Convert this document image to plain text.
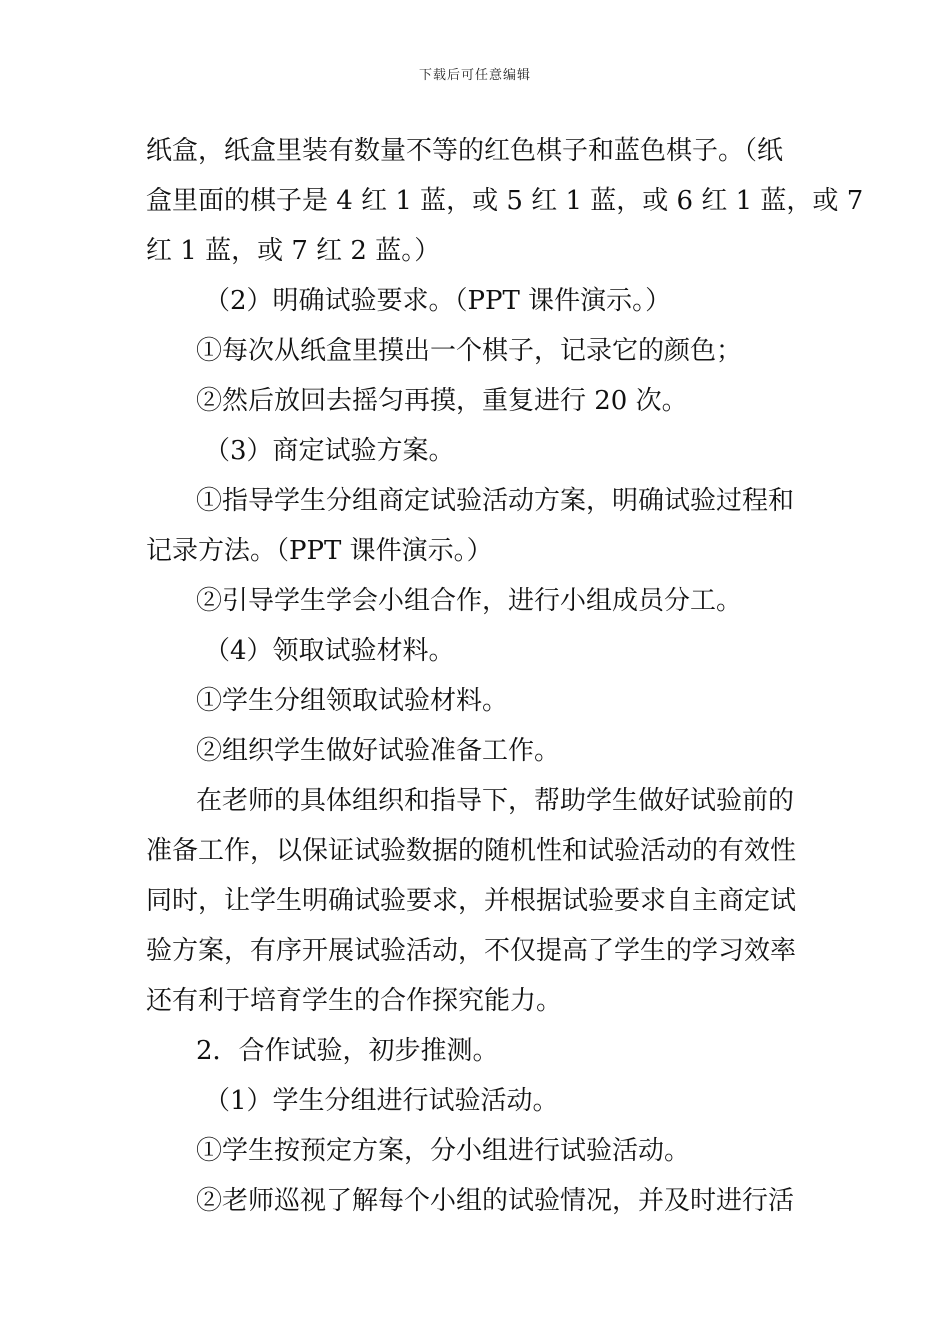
下载后可任意编辑
纸盒，纸盒里装有数量不等的红色棋子和蓝色棋子。（纸
盒里面的棋子是 4 红 1 蓝，或 5 红 1 蓝，或 6 红 1 蓝，或 7
红 1 蓝，或 7 红 2 蓝。）
（2）明确试验要求。（PPT 课件演示。）
①每次从纸盒里摸出一个棋子，记录它的颜色；
②然后放回去摇匀再摸，重复进行 20 次。
（3）商定试验方案。
①指导学生分组商定试验活动方案，明确试验过程和
记录方法。（PPT 课件演示。）
②引导学生学会小组合作，进行小组成员分工。
（4）领取试验材料。
①学生分组领取试验材料。
②组织学生做好试验准备工作。
在老师的具体组织和指导下，帮助学生做好试验前的
准备工作，以保证试验数据的随机性和试验活动的有效性
同时，让学生明确试验要求，并根据试验要求自主商定试
验方案，有序开展试验活动，不仅提高了学生的学习效率
还有利于培育学生的合作探究能力。
2．合作试验，初步推测。
（1）学生分组进行试验活动。
①学生按预定方案，分小组进行试验活动。
②老师巡视了解每个小组的试验情况，并及时进行活
